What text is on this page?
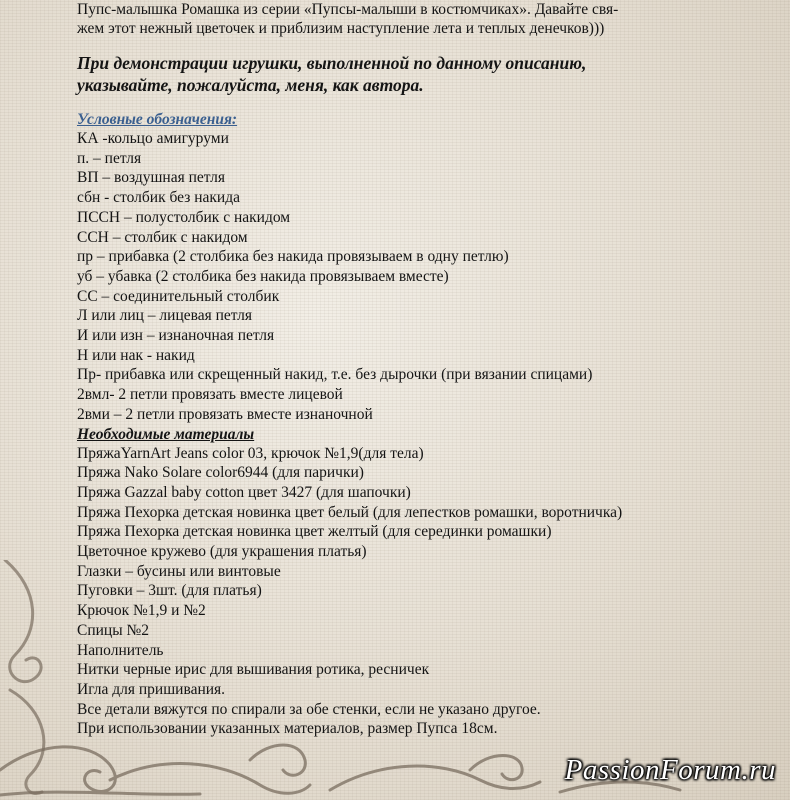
Пупс-малышка Ромашка из серии «Пупсы-малыши в костюмчиках». Давайте свя-
жем этот нежный цветочек и приблизим наступление лета и теплых денечков)))

При демонстрации игрушки, выполненной по данному описанию,
указывайте, пожалуйста, меня, как автора.

Условные обозначения:
КА -кольцо амигуруми
п. – петля
ВП – воздушная петля
сбн - столбик без накида
ПССН – полустолбик с накидом
ССН – столбик с накидом
пр – прибавка (2 столбика без накида провязываем в одну петлю)
уб – убавка (2 столбика без накида провязываем вместе)
СС – соединительный столбик
Л или лиц – лицевая петля
И или изн – изнаночная петля
Н или нак - накид
Пр- прибавка или скрещенный накид, т.е. без дырочки (при вязании спицами)
2вмл- 2 петли провязать вместе лицевой
2вми – 2 петли провязать вместе изнаночной
Необходимые материалы
ПряжаYarnArt Jeans color 03, крючок №1,9(для тела)
Пряжа Nako Solare color6944 (для парички)
Пряжа Gazzal baby cotton цвет 3427 (для шапочки)
Пряжа Пехорка детская новинка цвет белый (для лепестков ромашки, воротничка)
Пряжа Пехорка детская новинка цвет желтый (для серединки ромашки)
Цветочное кружево (для украшения платья)
Глазки – бусины или винтовые
Пуговки – 3шт. (для платья)
Крючок №1,9 и №2
Спицы №2
Наполнитель
Нитки черные ирис для вышивания ротика, ресничек
Игла для пришивания.
Все детали вяжутся по спирали за обе стенки, если не указано другое.
При использовании указанных материалов, размер Пупса 18см.
PassionForum.ru
